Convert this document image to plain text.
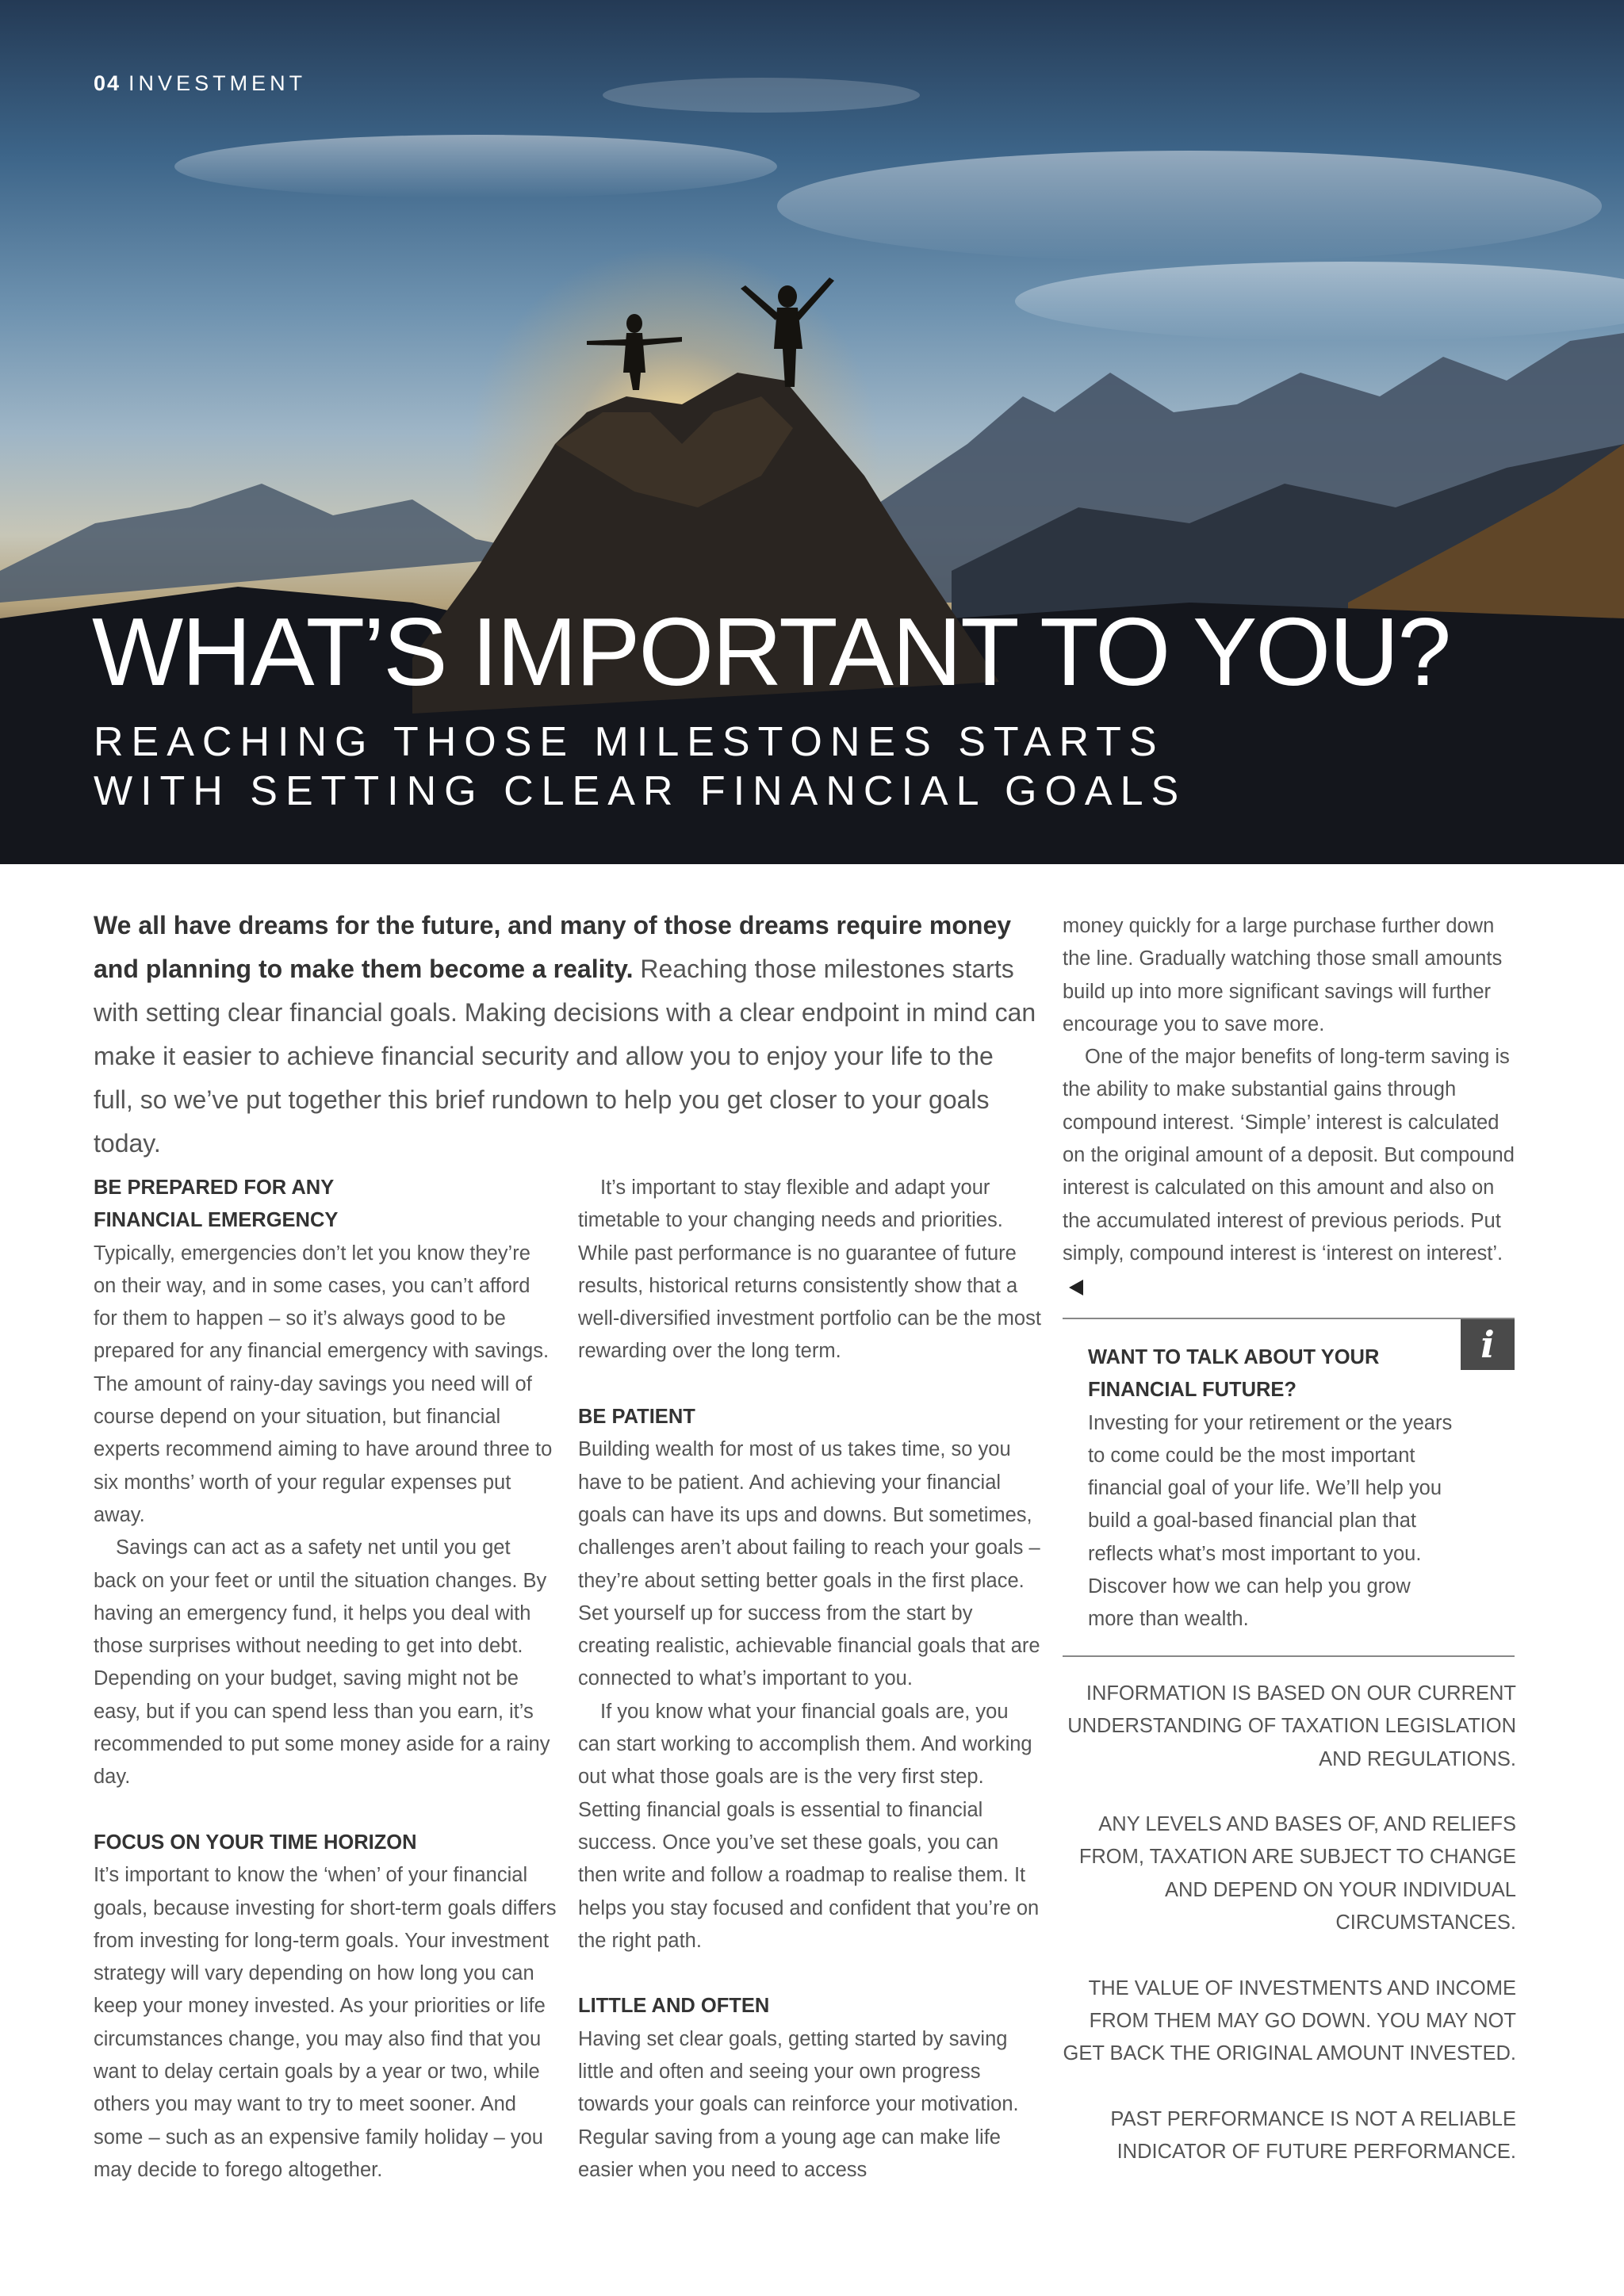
04 INVESTMENT
WHAT’S IMPORTANT TO YOU?
REACHING THOSE MILESTONES STARTS
WITH SETTING CLEAR FINANCIAL GOALS
We all have dreams for the future, and many of those dreams require money and planning to make them become a reality. Reaching those milestones starts with setting clear financial goals. Making decisions with a clear endpoint in mind can make it easier to achieve financial security and allow you to enjoy your life to the full, so we’ve put together this brief rundown to help you get closer to your goals today.
BE PREPARED FOR ANY
FINANCIAL EMERGENCY

Typically, emergencies don’t let you know they’re on their way, and in some cases, you can’t afford for them to happen – so it’s always good to be prepared for any financial emergency with savings. The amount of rainy-day savings you need will of course depend on your situation, but financial experts recommend aiming to have around three to six months’ worth of your regular expenses put away.

Savings can act as a safety net until you get back on your feet or until the situation changes. By having an emergency fund, it helps you deal with those surprises without needing to get into debt. Depending on your budget, saving might not be easy, but if you can spend less than you earn, it’s recommended to put some money aside for a rainy day.

FOCUS ON YOUR TIME HORIZON

It’s important to know the ‘when’ of your financial goals, because investing for short-term goals differs from investing for long-term goals. Your investment strategy will vary depending on how long you can keep your money invested. As your priorities or life circumstances change, you may also find that you want to delay certain goals by a year or two, while others you may want to try to meet sooner. And some – such as an expensive family holiday – you may decide to forego altogether.

It’s important to stay flexible and adapt your timetable to your changing needs and priorities. While past performance is no guarantee of future results, historical returns consistently show that a well-diversified investment portfolio can be the most rewarding over the long term.

BE PATIENT

Building wealth for most of us takes time, so you have to be patient. And achieving your financial goals can have its ups and downs. But sometimes, challenges aren’t about failing to reach your goals – they’re about setting better goals in the first place. Set yourself up for success from the start by creating realistic, achievable financial goals that are connected to what’s important to you.

If you know what your financial goals are, you can start working to accomplish them. And working out what those goals are is the very first step. Setting financial goals is essential to financial success. Once you’ve set these goals, you can then write and follow a roadmap to realise them. It helps you stay focused and confident that you’re on the right path.

LITTLE AND OFTEN

Having set clear goals, getting started by saving little and often and seeing your own progress towards your goals can reinforce your motivation. Regular saving from a young age can make life easier when you need to access

money quickly for a large purchase further down the line. Gradually watching those small amounts build up into more significant savings will further encourage you to save more.

One of the major benefits of long-term saving is the ability to make substantial gains through compound interest. ‘Simple’ interest is calculated on the original amount of a deposit. But compound interest is calculated on this amount and also on the accumulated interest of previous periods. Put simply, compound interest is ‘interest on interest’.

i
WANT TO TALK ABOUT YOUR
FINANCIAL FUTURE?

Investing for your retirement or the years to come could be the most important financial goal of your life. We’ll help you build a goal-based financial plan that reflects what’s most important to you. Discover how we can help you grow more than wealth.

INFORMATION IS BASED ON OUR CURRENT UNDERSTANDING OF TAXATION LEGISLATION AND REGULATIONS.

ANY LEVELS AND BASES OF, AND RELIEFS FROM, TAXATION ARE SUBJECT TO CHANGE AND DEPEND ON YOUR INDIVIDUAL CIRCUMSTANCES.

THE VALUE OF INVESTMENTS AND INCOME FROM THEM MAY GO DOWN. YOU MAY NOT GET BACK THE ORIGINAL AMOUNT INVESTED.

PAST PERFORMANCE IS NOT A RELIABLE INDICATOR OF FUTURE PERFORMANCE.
